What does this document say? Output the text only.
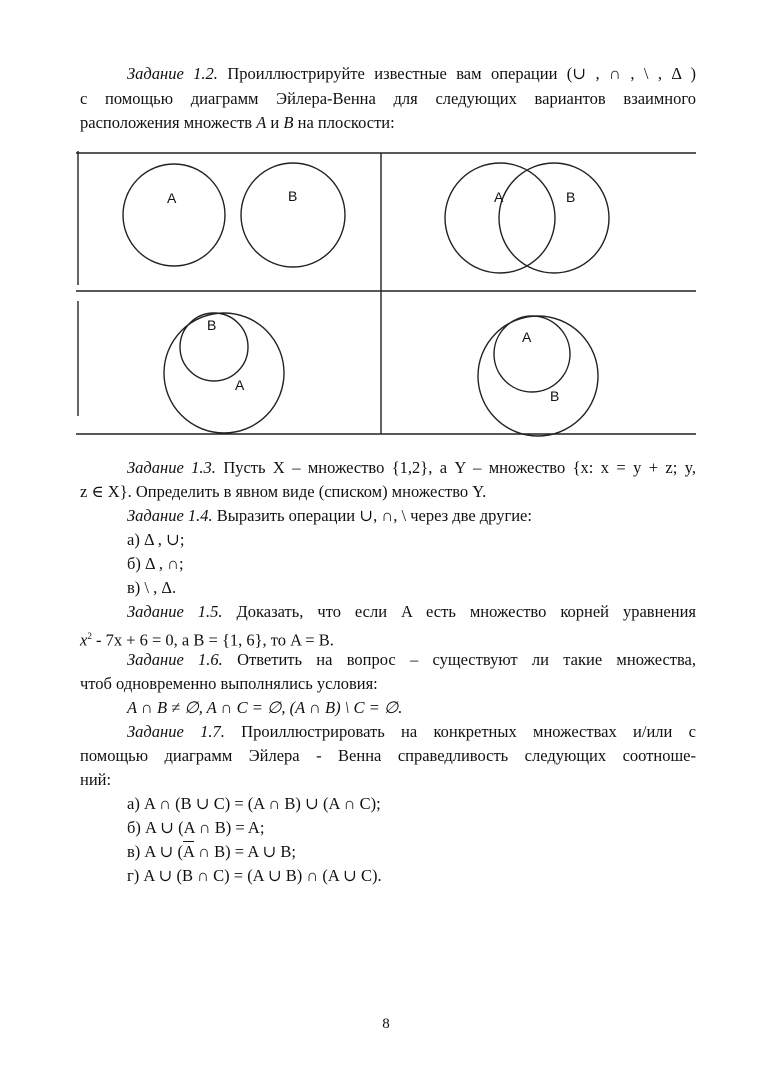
Задание 1.2. Проиллюстрируйте известные вам операции (∪ , ∩ , \ , Δ )
с помощью диаграмм Эйлера-Венна для следующих вариантов взаимного
расположения множеств A и B на плоскости:
A	B	A	B
B
A
A
B
Задание 1.3. Пусть X – множество {1,2}, а Y – множество {x: x = y + z; y,
z ∈ X}. Определить в явном виде (списком) множество Y.
Задание 1.4. Выразить операции ∪, ∩, \ через две другие:
а) Δ , ∪;
б) Δ , ∩;
в) \ , Δ.
Задание 1.5. Доказать, что если A есть множество корней уравнения
$x^2 - 7x + 6 = 0$, а B = {1, 6}, то A = B.
Задание 1.6. Ответить на вопрос – существуют ли такие множества,
чтоб одновременно выполнялись условия:
A ∩ B ≠ ∅, A ∩ C = ∅, (A ∩ B) \ C = ∅.
Задание 1.7. Проиллюстрировать на конкретных множествах и/или с
помощью диаграмм Эйлера - Венна справедливость следующих соотноше-
ний:
а) A ∩ (B ∪ C) = (A ∩ B) ∪ (A ∩ C);
б) A ∪ (A ∩ B) = A;
в) A ∪ ($\overline{A}$ ∩ B) = A ∪ B;
г) A ∪ (B ∩ C) = (A ∪ B) ∩ (A ∪ C).
8
